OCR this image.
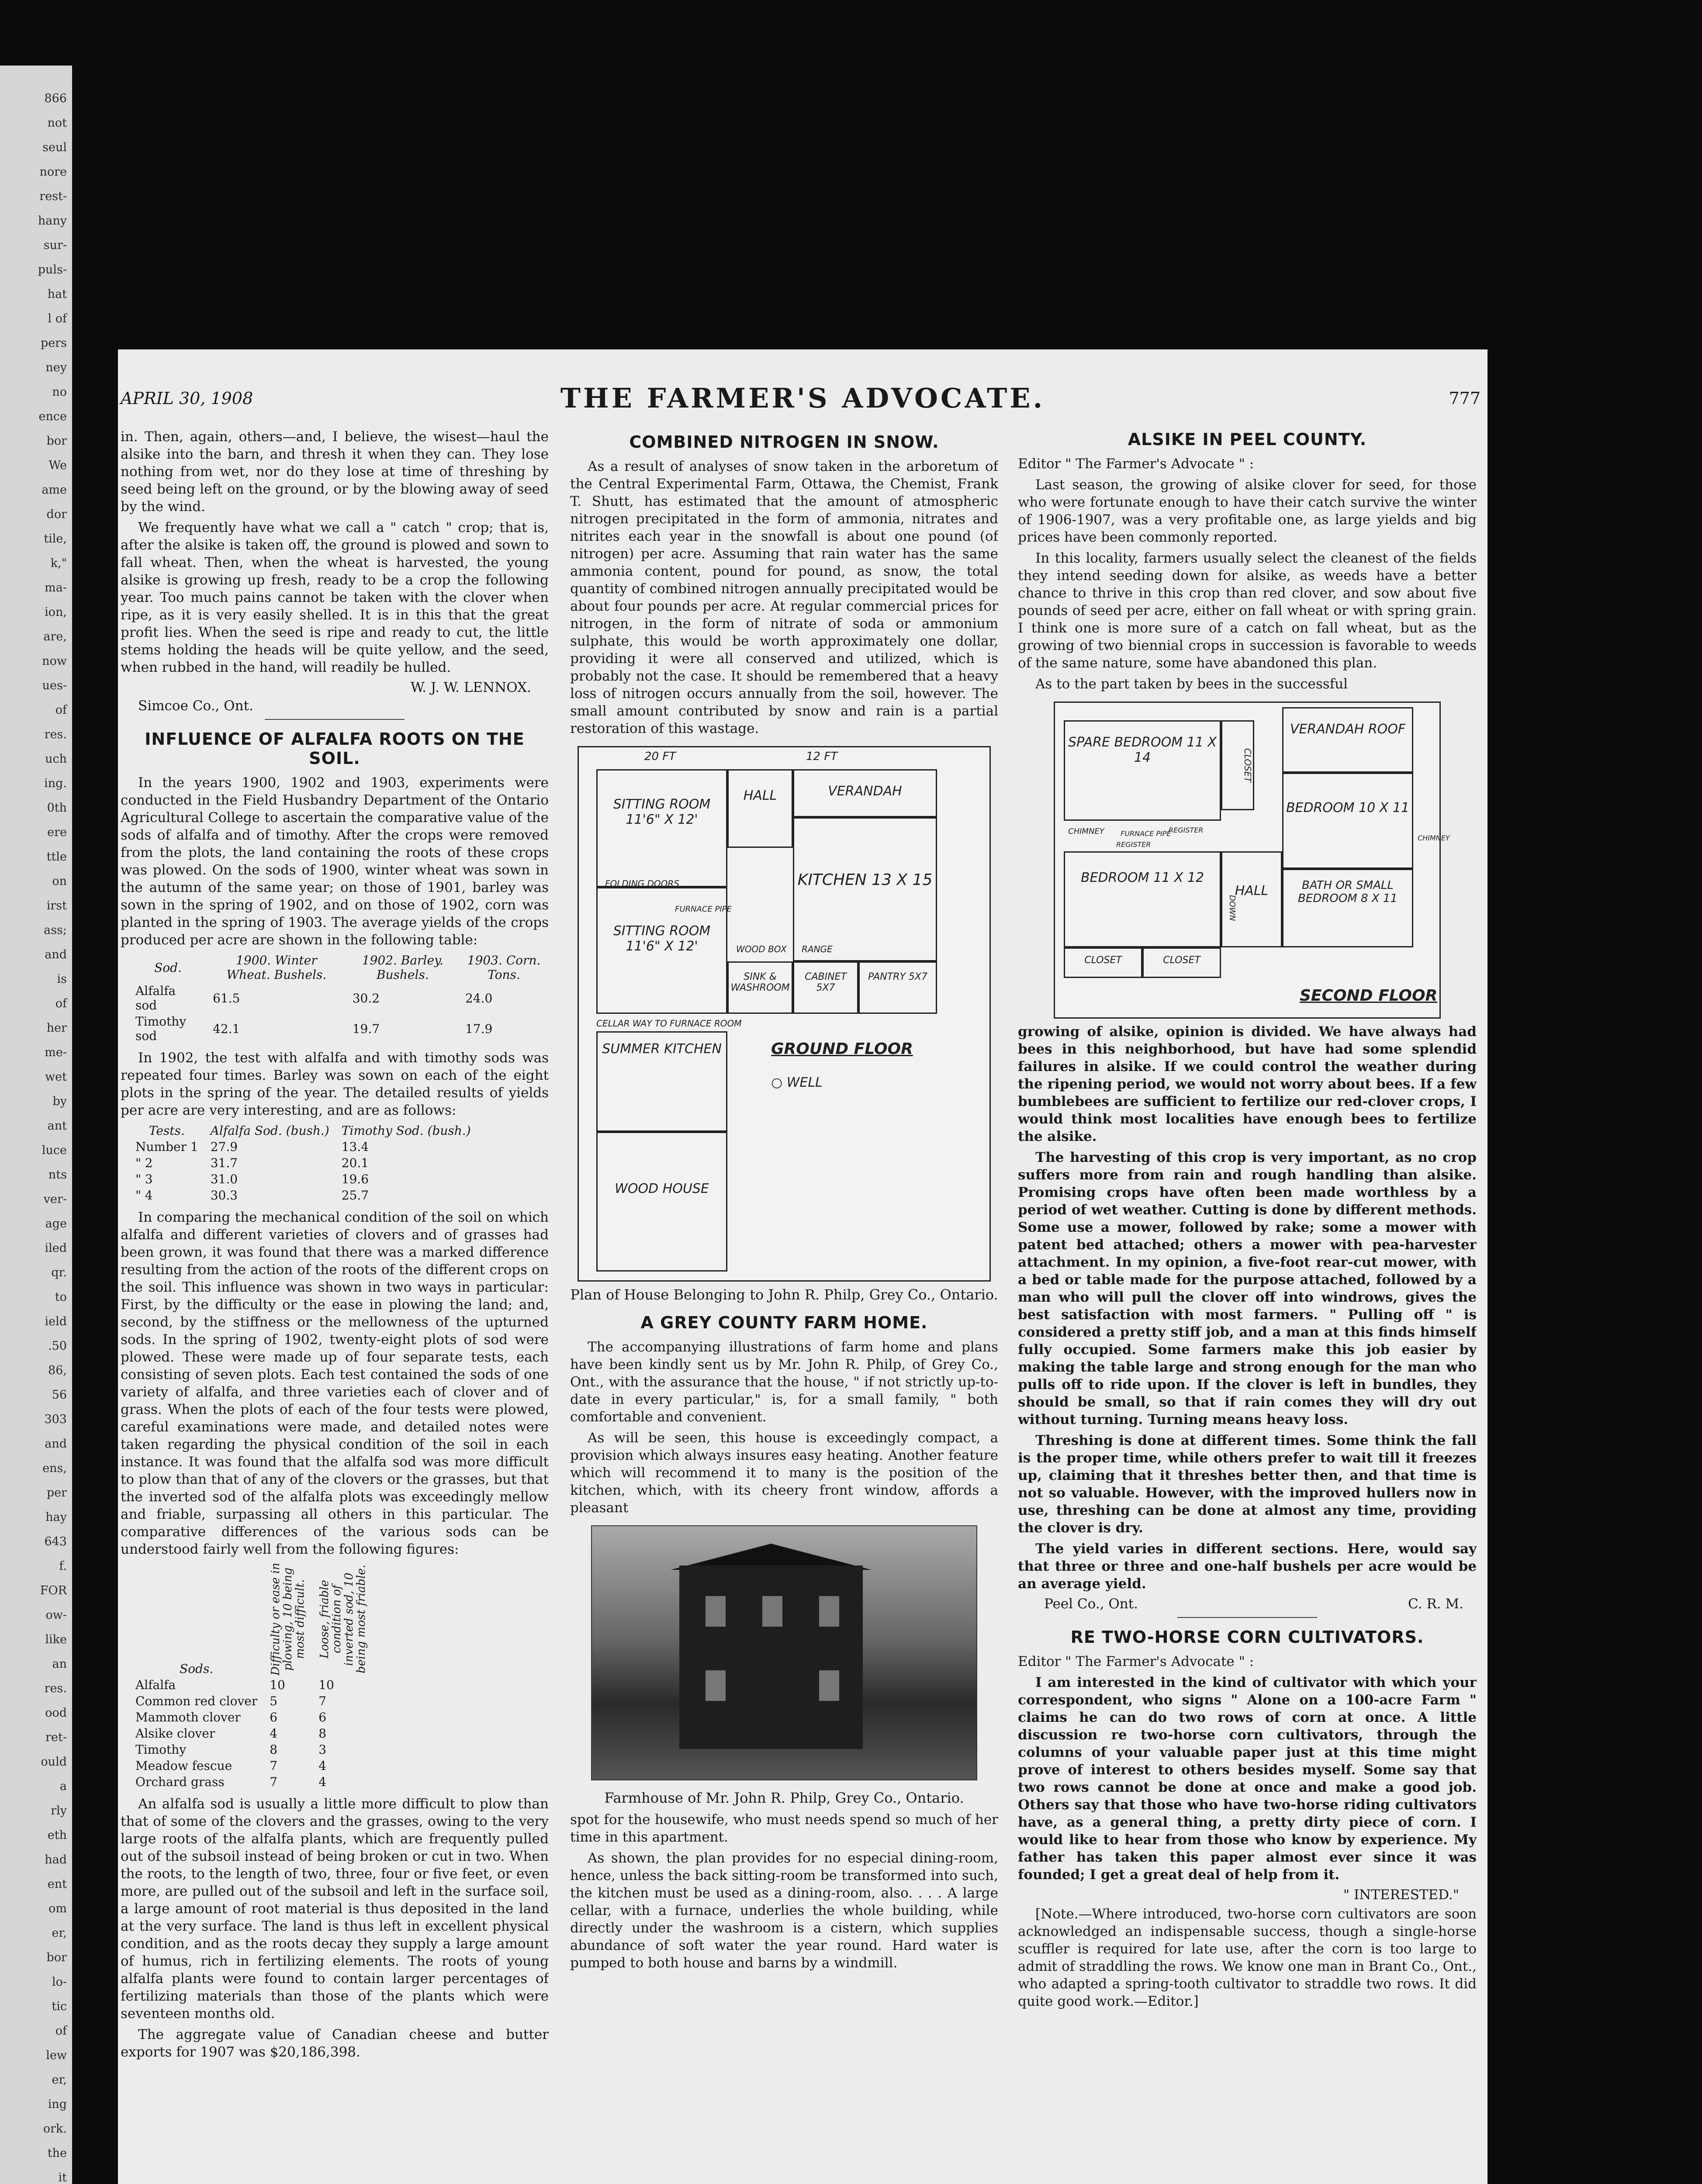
866
not
seul
nore
rest-
hany
sur-
puls-
hat
l of
pers
ney
no
ence
bor
We
ame
dor
tile,
k,"
ma-
ion,
are,
now
ues-
of
res.
uch
ing.
0th
ere
ttle
on
irst
ass;
and
is
of
her
me-
wet
by
ant
luce
nts
ver-
age
iled
qr.
to
ield
.50
86,
56
303
and
ens,
per
hay
643
f.
FOR
ow-
like
an
res.
ood
ret-
ould
a
rly
eth
had
ent
om
er,
bor
lo-
tic
of
lew
er,
ing
ork.
the
it
APRIL 30, 1908	THE FARMER'S ADVOCATE.	777

in. Then, again, others—and, I believe, the wisest—haul the alsike into the barn, and thresh it when they can. They lose nothing from wet, nor do they lose at time of threshing by seed being left on the ground, or by the blowing away of seed by the wind.

We frequently have what we call a " catch " crop; that is, after the alsike is taken off, the ground is plowed and sown to fall wheat. Then, when the wheat is harvested, the young alsike is growing up fresh, ready to be a crop the following year. Too much pains cannot be taken with the clover when ripe, as it is very easily shelled. It is in this that the great profit lies. When the seed is ripe and ready to cut, the little stems holding the heads will be quite yellow, and the seed, when rubbed in the hand, will readily be hulled.

W. J. W. LENNOX.
Simcoe Co., Ont.
INFLUENCE OF ALFALFA ROOTS ON THE SOIL.

In the years 1900, 1902 and 1903, experiments were conducted in the Field Husbandry Department of the Ontario Agricultural College to ascertain the comparative value of the sods of alfalfa and of timothy. After the crops were removed from the plots, the land containing the roots of these crops was plowed. On the sods of 1900, winter wheat was sown in the autumn of the same year; on those of 1901, barley was sown in the spring of 1902, and on those of 1902, corn was planted in the spring of 1903. The average yields of the crops produced per acre are shown in the following table:

Sod.	1900. Winter Wheat. Bushels.	1902. Barley. Bushels.	1903. Corn. Tons.
Alfalfa sod	61.5	30.2	24.0
Timothy sod	42.1	19.7	17.9

In 1902, the test with alfalfa and with timothy sods was repeated four times. Barley was sown on each of the eight plots in the spring of the year. The detailed results of yields per acre are very interesting, and are as follows:

Tests.	Alfalfa Sod. (bush.)	Timothy Sod. (bush.)
Number 1	27.9	13.4
" 2	31.7	20.1
" 3	31.0	19.6
" 4	30.3	25.7

In comparing the mechanical condition of the soil on which alfalfa and different varieties of clovers and of grasses had been grown, it was found that there was a marked difference resulting from the action of the roots of the different crops on the soil. This influence was shown in two ways in particular: First, by the difficulty or the ease in plowing the land; and, second, by the stiffness or the mellowness of the upturned sods. In the spring of 1902, twenty-eight plots of sod were plowed. These were made up of four separate tests, each consisting of seven plots. Each test contained the sods of one variety of alfalfa, and three varieties each of clover and of grass. When the plots of each of the four tests were plowed, careful examinations were made, and detailed notes were taken regarding the physical condition of the soil in each instance. It was found that the alfalfa sod was more difficult to plow than that of any of the clovers or the grasses, but that the inverted sod of the alfalfa plots was exceedingly mellow and friable, surpassing all others in this particular. The comparative differences of the various sods can be understood fairly well from the following figures:

Sods.	Difficulty or ease in plowing, 10 being most difficult.	Loose, friable condition of inverted sod, 10 being most friable.

Alfalfa	10	10
Common red clover	5	7
Mammoth clover	6	6
Alsike clover	4	8
Timothy	8	3
Meadow fescue	7	4
Orchard grass	7	4

An alfalfa sod is usually a little more difficult to plow than that of some of the clovers and the grasses, owing to the very large roots of the alfalfa plants, which are frequently pulled out of the subsoil instead of being broken or cut in two. When the roots, to the length of two, three, four or five feet, or even more, are pulled out of the subsoil and left in the surface soil, a large amount of root material is thus deposited in the land at the very surface. The land is thus left in excellent physical condition, and as the roots decay they supply a large amount of humus, rich in fertilizing elements. The roots of young alfalfa plants were found to contain larger percentages of fertilizing materials than those of the plants which were seventeen months old.

The aggregate value of Canadian cheese and butter exports for 1907 was $20,186,398.

COMBINED NITROGEN IN SNOW.

As a result of analyses of snow taken in the arboretum of the Central Experimental Farm, Ottawa, the Chemist, Frank T. Shutt, has estimated that the amount of atmospheric nitrogen precipitated in the form of ammonia, nitrates and nitrites each year in the snowfall is about one pound (of nitrogen) per acre. Assuming that rain water has the same ammonia content, pound for pound, as snow, the total quantity of combined nitrogen annually precipitated would be about four pounds per acre. At regular commercial prices for nitrogen, in the form of nitrate of soda or ammonium sulphate, this would be worth approximately one dollar, providing it were all conserved and utilized, which is probably not the case. It should be remembered that a heavy loss of nitrogen occurs annually from the soil, however. The small amount contributed by snow and rain is a partial restoration of this wastage.

20 FT	12 FT
SITTING ROOM 11'6" X 12'
HALL	VERANDAH
KITCHEN 13 X 15
SITTING ROOM 11'6" X 12'
PANTRY 5X7
SINK & WASHROOM
CABINET 5X7
WOOD BOX RANGE
FOLDING DOORS
FURNACE PIPE
CELLAR WAY TO FURNACE ROOM
SUMMER KITCHEN	GROUND FLOOR
○ WELL
WOOD HOUSE
Plan of House Belonging to John R. Philp, Grey Co., Ontario.
A GREY COUNTY FARM HOME.

The accompanying illustrations of farm home and plans have been kindly sent us by Mr. John R. Philp, of Grey Co., Ont., with the assurance that the house, " if not strictly up-to-date in every particular," is, for a small family, " both comfortable and convenient.

As will be seen, this house is exceedingly compact, a provision which always insures easy heating. Another feature which will recommend it to many is the position of the kitchen, which, with its cheery front window, affords a pleasant

Farmhouse of Mr. John R. Philp, Grey Co., Ontario.

spot for the housewife, who must needs spend so much of her time in this apartment.

As shown, the plan provides for no especial dining-room, hence, unless the back sitting-room be transformed into such, the kitchen must be used as a dining-room, also. . . . A large cellar, with a furnace, underlies the whole building, while directly under the washroom is a cistern, which supplies abundance of soft water the year round. Hard water is pumped to both house and barns by a windmill.

ALSIKE IN PEEL COUNTY.

Editor " The Farmer's Advocate " :

Last season, the growing of alsike clover for seed, for those who were fortunate enough to have their catch survive the winter of 1906-1907, was a very profitable one, as large yields and big prices have been commonly reported.

In this locality, farmers usually select the cleanest of the fields they intend seeding down for alsike, as weeds have a better chance to thrive in this crop than red clover, and sow about five pounds of seed per acre, either on fall wheat or with spring grain. I think one is more sure of a catch on fall wheat, but as the growing of two biennial crops in succession is favorable to weeds of the same nature, some have abandoned this plan.

As to the part taken by bees in the successful

SPARE BEDROOM 11 X 14
VERANDAH ROOF
CLOSET
BEDROOM 10 X 11
BEDROOM 11 X 12
HALL	BATH OR SMALL BEDROOM 8 X 11
CLOSET	CLOSET
REGISTER
CHIMNEY FURNACE PIPE
REGISTER
CHIMNEY
DOWN
SECOND FLOOR

growing of alsike, opinion is divided. We have always had bees in this neighborhood, but have had some splendid failures in alsike. If we could control the weather during the ripening period, we would not worry about bees. If a few bumblebees are sufficient to fertilize our red-clover crops, I would think most localities have enough bees to fertilize the alsike.

The harvesting of this crop is very important, as no crop suffers more from rain and rough handling than alsike. Promising crops have often been made worthless by a period of wet weather. Cutting is done by different methods. Some use a mower, followed by rake; some a mower with patent bed attached; others a mower with pea-harvester attachment. In my opinion, a five-foot rear-cut mower, with a bed or table made for the purpose attached, followed by a man who will pull the clover off into windrows, gives the best satisfaction with most farmers. " Pulling off " is considered a pretty stiff job, and a man at this finds himself fully occupied. Some farmers make this job easier by making the table large and strong enough for the man who pulls off to ride upon. If the clover is left in bundles, they should be small, so that if rain comes they will dry out without turning. Turning means heavy loss.

Threshing is done at different times. Some think the fall is the proper time, while others prefer to wait till it freezes up, claiming that it threshes better then, and that time is not so valuable. However, with the improved hullers now in use, threshing can be done at almost any time, providing the clover is dry.

The yield varies in different sections. Here, would say that three or three and one-half bushels per acre would be an average yield.

Peel Co., Ont.	C. R. M.
RE TWO-HORSE CORN CULTIVATORS.

Editor " The Farmer's Advocate " :

I am interested in the kind of cultivator with which your correspondent, who signs " Alone on a 100-acre Farm " claims he can do two rows of corn at once. A little discussion re two-horse corn cultivators, through the columns of your valuable paper just at this time might prove of interest to others besides myself. Some say that two rows cannot be done at once and make a good job. Others say that those who have two-horse riding cultivators have, as a general thing, a pretty dirty piece of corn. I would like to hear from those who know by experience. My father has taken this paper almost ever since it was founded; I get a great deal of help from it.

" INTERESTED."

[Note.—Where introduced, two-horse corn cultivators are soon acknowledged an indispensable success, though a single-horse scuffler is required for late use, after the corn is too large to admit of straddling the rows. We know one man in Brant Co., Ont., who adapted a spring-tooth cultivator to straddle two rows. It did quite good work.—Editor.]
